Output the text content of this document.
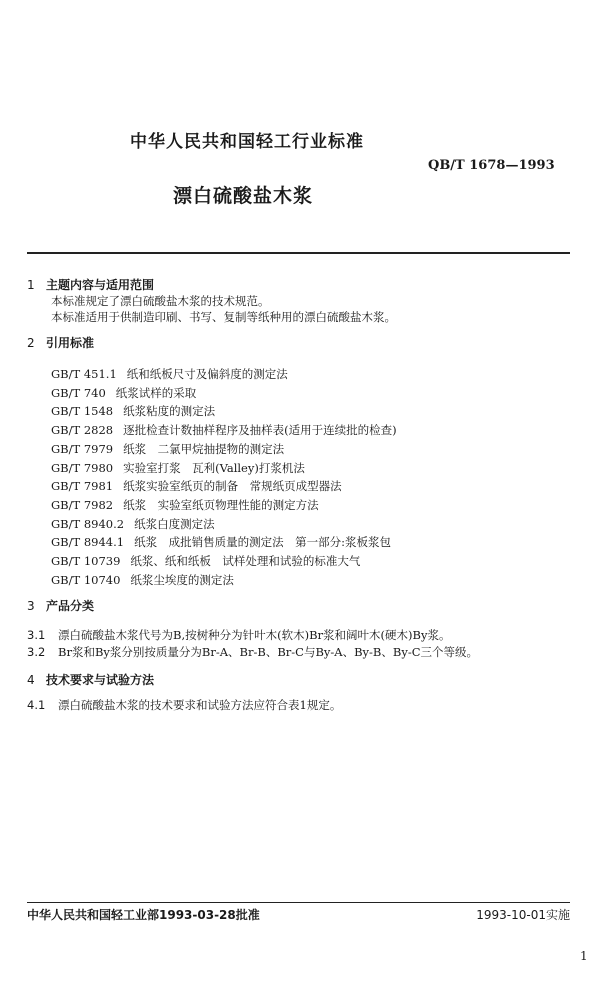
中华人民共和国轻工行业标准
QB/T 1678—1993
漂白硫酸盐木浆
1 主题内容与适用范围
本标准规定了漂白硫酸盐木浆的技术规范。
本标准适用于供制造印刷、书写、复制等纸种用的漂白硫酸盐木浆。
2 引用标准
GB/T 451.1 纸和纸板尺寸及偏斜度的测定法
GB/T 740 纸浆试样的采取
GB/T 1548 纸浆粘度的测定法
GB/T 2828 逐批检查计数抽样程序及抽样表(适用于连续批的检查)
GB/T 7979 纸浆　二氯甲烷抽提物的测定法
GB/T 7980 实验室打浆　瓦利(Valley)打浆机法
GB/T 7981 纸浆实验室纸页的制备　常规纸页成型器法
GB/T 7982 纸浆　实验室纸页物理性能的测定方法
GB/T 8940.2 纸浆白度测定法
GB/T 8944.1 纸浆　成批销售质量的测定法　第一部分:浆板浆包
GB/T 10739 纸浆、纸和纸板　试样处理和试验的标准大气
GB/T 10740 纸浆尘埃度的测定法
3 产品分类
3.1 漂白硫酸盐木浆代号为B,按树种分为针叶木(软木)Br浆和阔叶木(硬木)By浆。
3.2 Br浆和By浆分别按质量分为Br-A、Br-B、Br-C与By-A、By-B、By-C三个等级。
4 技术要求与试验方法
4.1 漂白硫酸盐木浆的技术要求和试验方法应符合表1规定。
中华人民共和国轻工业部1993-03-28批准	1993-10-01实施
1
